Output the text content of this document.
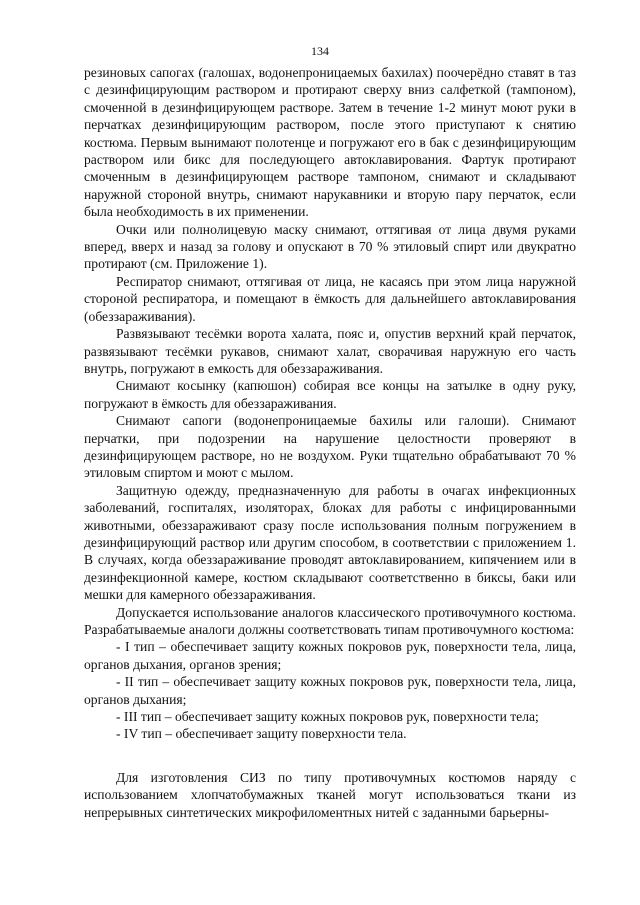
134

резиновых сапогах (галошах, водонепроницаемых бахилах) поочерёдно ставят в таз с дезинфицирующим раствором и протирают сверху вниз салфеткой (тампоном), смоченной в дезинфицирующем растворе. Затем в течение 1-2 минут моют руки в перчатках дезинфицирующим раствором, после этого приступают к снятию костюма. Первым вынимают полотенце и погружают его в бак с дезинфицирующим раствором или бикс для последующего автоклавирования. Фартук протирают смоченным в дезинфицирующем растворе тампоном, снимают и складывают наружной стороной внутрь, снимают нарукавники и вторую пару перчаток, если была необходимость в их применении.

Очки или полнолицевую маску снимают, оттягивая от лица двумя руками вперед, вверх и назад за голову и опускают в 70 % этиловый спирт или двукратно протирают (см. Приложение 1).

Респиратор снимают, оттягивая от лица, не касаясь при этом лица наружной стороной респиратора, и помещают в ёмкость для дальнейшего автоклавирования (обеззараживания).

Развязывают тесёмки ворота халата, пояс и, опустив верхний край перчаток, развязывают тесёмки рукавов, снимают халат, сворачивая наружную его часть внутрь, погружают в емкость для обеззараживания.

Снимают косынку (капюшон) собирая все концы на затылке в одну руку, погружают в ёмкость для обеззараживания.

Снимают сапоги (водонепроницаемые бахилы или галоши). Снимают перчатки, при подозрении на нарушение целостности проверяют в дезинфицирующем растворе, но не воздухом. Руки тщательно обрабатывают 70 % этиловым спиртом и моют с мылом.

Защитную одежду, предназначенную для работы в очагах инфекционных заболеваний, госпиталях, изоляторах, блоках для работы с инфицированными животными, обеззараживают сразу после использования полным погружением в дезинфицирующий раствор или другим способом, в соответствии с приложением 1. В случаях, когда обеззараживание проводят автоклавированием, кипячением или в дезинфекционной камере, костюм складывают соответственно в биксы, баки или мешки для камерного обеззараживания.

Допускается использование аналогов классического противочумного костюма. Разрабатываемые аналоги должны соответствовать типам противочумного костюма:

- I тип – обеспечивает защиту кожных покровов рук, поверхности тела, лица, органов дыхания, органов зрения;

- II тип – обеспечивает защиту кожных покровов рук, поверхности тела, лица, органов дыхания;

- III тип – обеспечивает защиту кожных покровов рук, поверхности тела;

- IV тип – обеспечивает защиту поверхности тела.

Для изготовления СИЗ по типу противочумных костюмов наряду с использованием хлопчатобумажных тканей могут использоваться ткани из непрерывных синтетических микрофиломентных нитей с заданными барьерны-
